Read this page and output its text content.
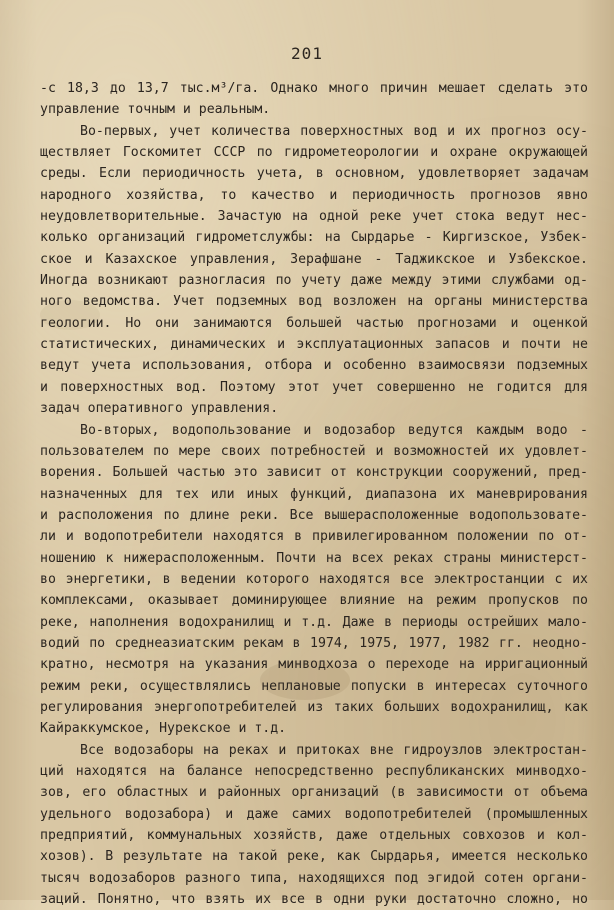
201
-с 18,3 до 13,7 тыс.м³/га. Однако много причин мешает сделать это
управление точным и реальным.
Во-первых, учет количества поверхностных вод и их прогноз осу-
ществляет Госкомитет СССР по гидрометеорологии и охране окружающей
среды. Если периодичность учета, в основном, удовлетворяет задачам
народного хозяйства, то качество и периодичность прогнозов явно
неудовлетворительные. Зачастую на одной реке учет стока ведут нес-
колько организаций гидрометслужбы: на Сырдарье - Киргизское, Узбек-
ское и Казахское управления, Зерафшане - Таджикское и Узбекское.
Иногда возникают разногласия по учету даже между этими службами од-
ного ведомства. Учет подземных вод возложен на органы министерства
геологии. Но они занимаются большей частью прогнозами и оценкой
статистических, динамических и эксплуатационных запасов и почти не
ведут учета использования, отбора и особенно взаимосвязи подземных
и поверхностных вод. Поэтому этот учет совершенно не годится для
задач оперативного управления.
Во-вторых, водопользование и водозабор ведутся каждым водо -
пользователем по мере своих потребностей и возможностей их удовлет-
ворения. Большей частью это зависит от конструкции сооружений, пред-
назначенных для тех или иных функций, диапазона их маневрирования
и расположения по длине реки. Все вышерасположенные водопользовате-
ли и водопотребители находятся в привилегированном положении по от-
ношению к нижерасположенным. Почти на всех реках страны министерст-
во энергетики, в ведении которого находятся все электростанции с их
комплексами, оказывает доминирующее влияние на режим пропусков по
реке, наполнения водохранилищ и т.д. Даже в периоды острейших мало-
водий по среднеазиатским рекам в 1974, 1975, 1977, 1982 гг. неодно-
кратно, несмотря на указания минводхоза о переходе на ирригационный
режим реки, осуществлялись неплановые попуски в интересах суточного
регулирования энергопотребителей из таких больших водохранилищ, как
Кайраккумское, Нурекское и т.д.
Все водозаборы на реках и притоках вне гидроузлов электростан-
ций находятся на балансе непосредственно республиканских минводхо-
зов, его областных и районных организаций (в зависимости от объема
удельного водозабора) и даже самих водопотребителей (промышленных
предприятий, коммунальных хозяйств, даже отдельных совхозов и кол-
хозов). В результате на такой реке, как Сырдарья, имеется несколько
тысяч водозаборов разного типа, находящихся под эгидой сотен органи-
заций. Понятно, что взять их все в одни руки достаточно сложно, но
